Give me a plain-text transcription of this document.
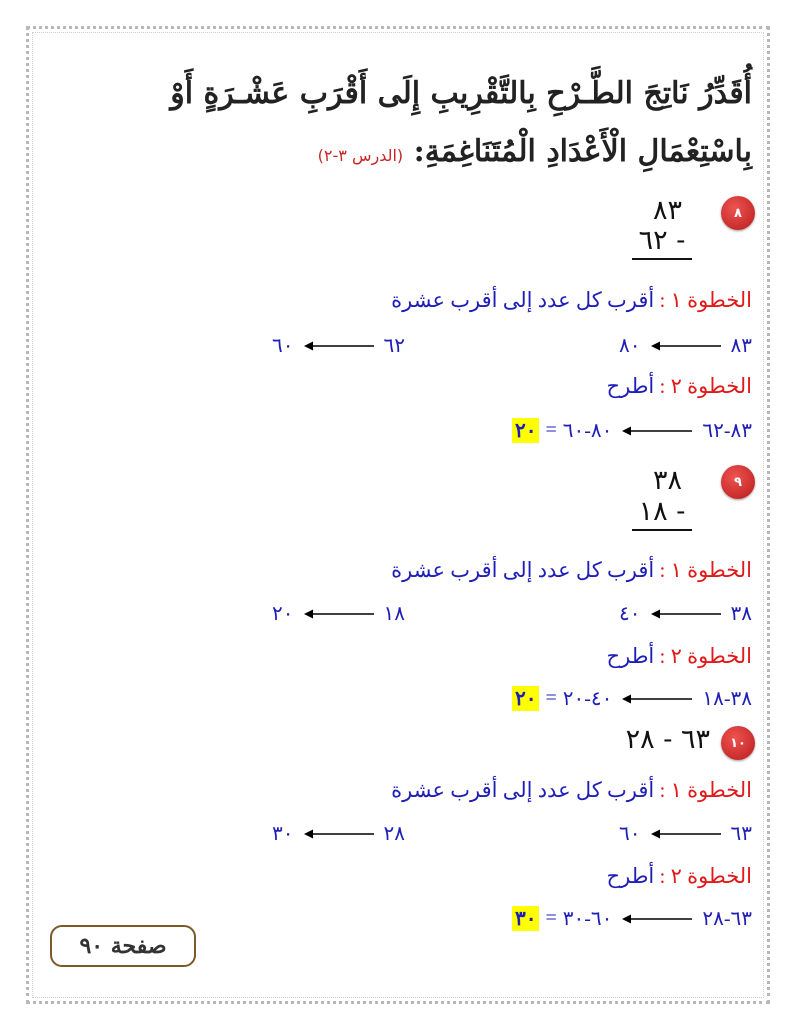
أُقَدِّرُ نَاتِجَ الطَّـرْحِ بِالتَّقْرِيبِ إِلَى أَقْرَبِ عَشْـرَةٍ أَوْ
بِاسْتِعْمَالِ الْأَعْدَادِ الْمُتَنَاغِمَةِ: (الدرس ٣-٢)
٨
٨٣
٦٢ -
الخطوة ١ : أقرب كل عدد إلى أقرب عشرة
٨٠	٨٣
٦٠	٦٢
الخطوة ٢ : أطرح
٢٠ = ٨٠-٦٠	٨٣-٦٢
٩
٣٨
١٨ -
الخطوة ١ : أقرب كل عدد إلى أقرب عشرة
٤٠	٣٨
٢٠	١٨
الخطوة ٢ : أطرح
٢٠ = ٤٠-٢٠	٣٨-١٨
١٠
٦٣ - ٢٨
الخطوة ١ : أقرب كل عدد إلى أقرب عشرة
٦٠	٦٣
٣٠	٢٨
الخطوة ٢ : أطرح
٣٠ = ٦٠-٣٠	٦٣-٢٨
صفحة ٩٠
